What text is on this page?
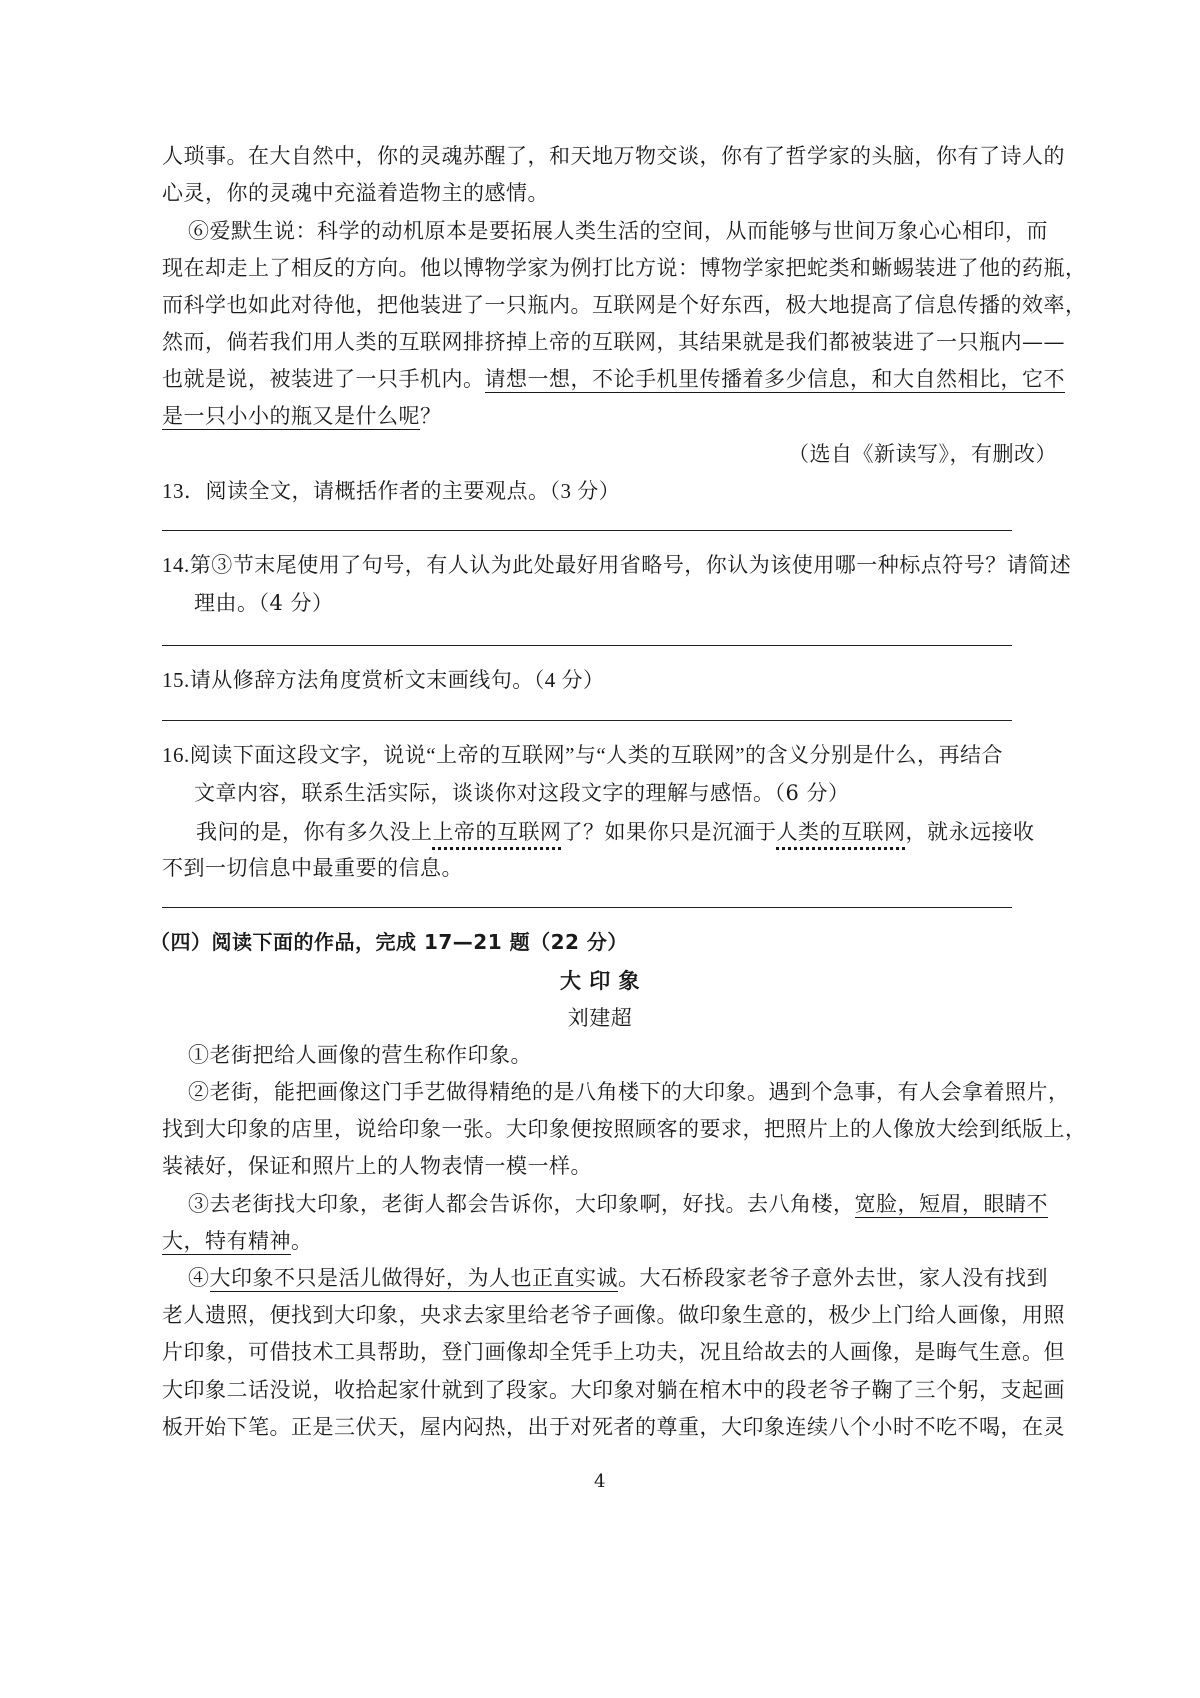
人琐事。在大自然中，你的灵魂苏醒了，和天地万物交谈，你有了哲学家的头脑，你有了诗人的
心灵，你的灵魂中充溢着造物主的感情。
⑥爱默生说：科学的动机原本是要拓展人类生活的空间，从而能够与世间万象心心相印，而
现在却走上了相反的方向。他以博物学家为例打比方说：博物学家把蛇类和蜥蜴装进了他的药瓶，
而科学也如此对待他，把他装进了一只瓶内。互联网是个好东西，极大地提高了信息传播的效率，
然而，倘若我们用人类的互联网排挤掉上帝的互联网，其结果就是我们都被装进了一只瓶内——
也就是说，被装进了一只手机内。请想一想，不论手机里传播着多少信息，和大自然相比，它不
是一只小小的瓶又是什么呢？
（选自《新读写》，有删改）
13．阅读全文，请概括作者的主要观点。（3 分）
14.第③节末尾使用了句号，有人认为此处最好用省略号，你认为该使用哪一种标点符号？请简述
理由。（4 分）
15.请从修辞方法角度赏析文末画线句。（4 分）
16.阅读下面这段文字，说说“上帝的互联网”与“人类的互联网”的含义分别是什么，再结合
文章内容，联系生活实际，谈谈你对这段文字的理解与感悟。（6 分）
我问的是，你有多久没上上帝的互联网了？如果你只是沉湎于人类的互联网，就永远接收
不到一切信息中最重要的信息。
（四）阅读下面的作品，完成 17—21 题（22 分）
大 印 象
刘建超
①老街把给人画像的营生称作印象。
②老街，能把画像这门手艺做得精绝的是八角楼下的大印象。遇到个急事，有人会拿着照片，
找到大印象的店里，说给印象一张。大印象便按照顾客的要求，把照片上的人像放大绘到纸版上，
装裱好，保证和照片上的人物表情一模一样。
③去老街找大印象，老街人都会告诉你，大印象啊，好找。去八角楼，宽脸，短眉，眼睛不
大，特有精神。
④大印象不只是活儿做得好，为人也正直实诚。大石桥段家老爷子意外去世，家人没有找到
老人遗照，便找到大印象，央求去家里给老爷子画像。做印象生意的，极少上门给人画像，用照
片印象，可借技术工具帮助，登门画像却全凭手上功夫，况且给故去的人画像，是晦气生意。但
大印象二话没说，收拾起家什就到了段家。大印象对躺在棺木中的段老爷子鞠了三个躬，支起画
板开始下笔。正是三伏天，屋内闷热，出于对死者的尊重，大印象连续八个小时不吃不喝，在灵
4
